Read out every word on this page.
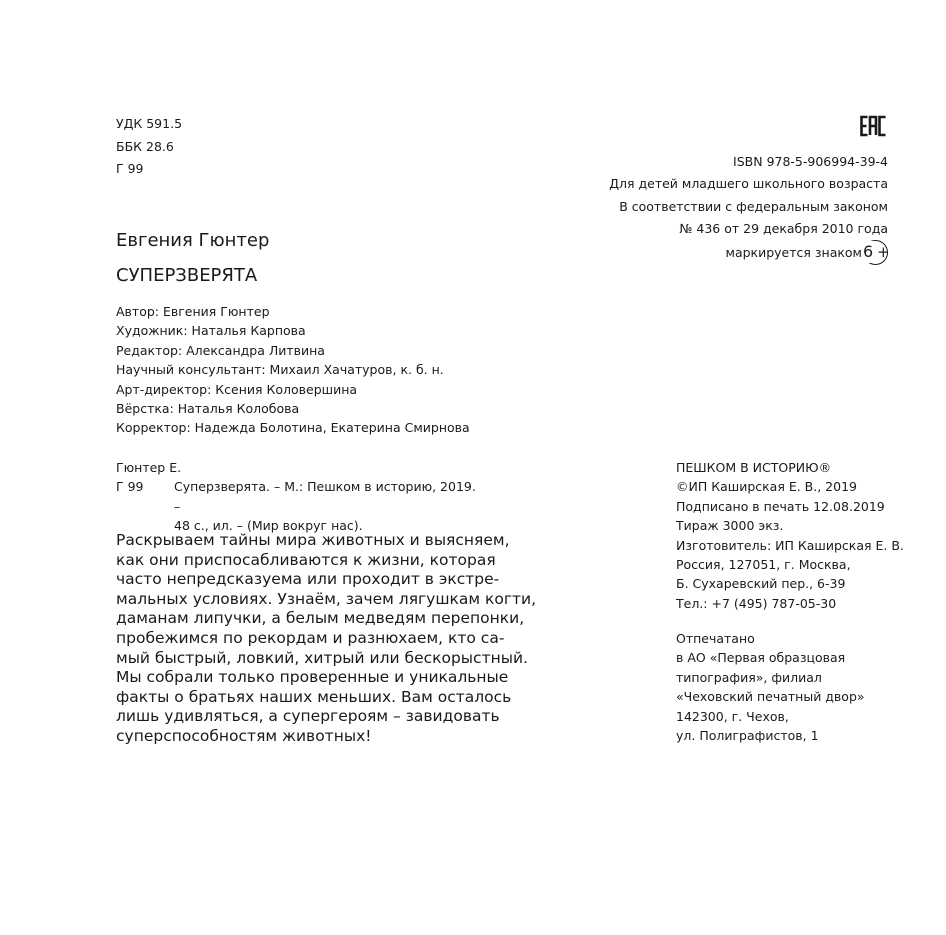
УДК 591.5
ББК 28.6
Г 99
Евгения Гюнтер
СУПЕРЗВЕРЯТА
Автор: Евгения Гюнтер
Художник: Наталья Карпова
Редактор: Александра Литвина
Научный консультант: Михаил Хачатуров, к. б. н.
Арт-директор: Ксения Коловершина
Вёрстка: Наталья Колобова
Корректор: Надежда Болотина, Екатерина Смирнова
Гюнтер Е.
Г 99	Суперзверята. – М.: Пешком в историю, 2019. –
48 с., ил. – (Мир вокруг нас).
Раскрываем тайны мира животных и выясняем,
как они приспосабливаются к жизни, которая
часто непредсказуема или проходит в экстре-
мальных условиях. Узнаём, зачем лягушкам когти,
даманам липучки, а белым медведям перепонки,
пробежимся по рекордам и разнюхаем, кто са-
мый быстрый, ловкий, хитрый или бескорыстный.
Мы собрали только проверенные и уникальные
факты о братьях наших меньших. Вам осталось
лишь удивляться, а супергероям – завидовать
суперспособностям животных!
ISBN 978-5-906994-39-4
Для детей младшего школьного возраста
В соответствии с федеральным законом
№ 436 от 29 декабря 2010 года
маркируется знаком 6 +
ПЕШКОМ В ИСТОРИЮ®
©ИП Каширская Е. В., 2019
Подписано в печать 12.08.2019
Тираж 3000 экз.
Изготовитель: ИП Каширская Е. В.
Россия, 127051, г. Москва,
Б. Сухаревский пер., 6-39
Тел.: +7 (495) 787-05-30
Отпечатано
в АО «Первая образцовая
типография», филиал
«Чеховский печатный двор»
142300, г. Чехов,
ул. Полиграфистов, 1
